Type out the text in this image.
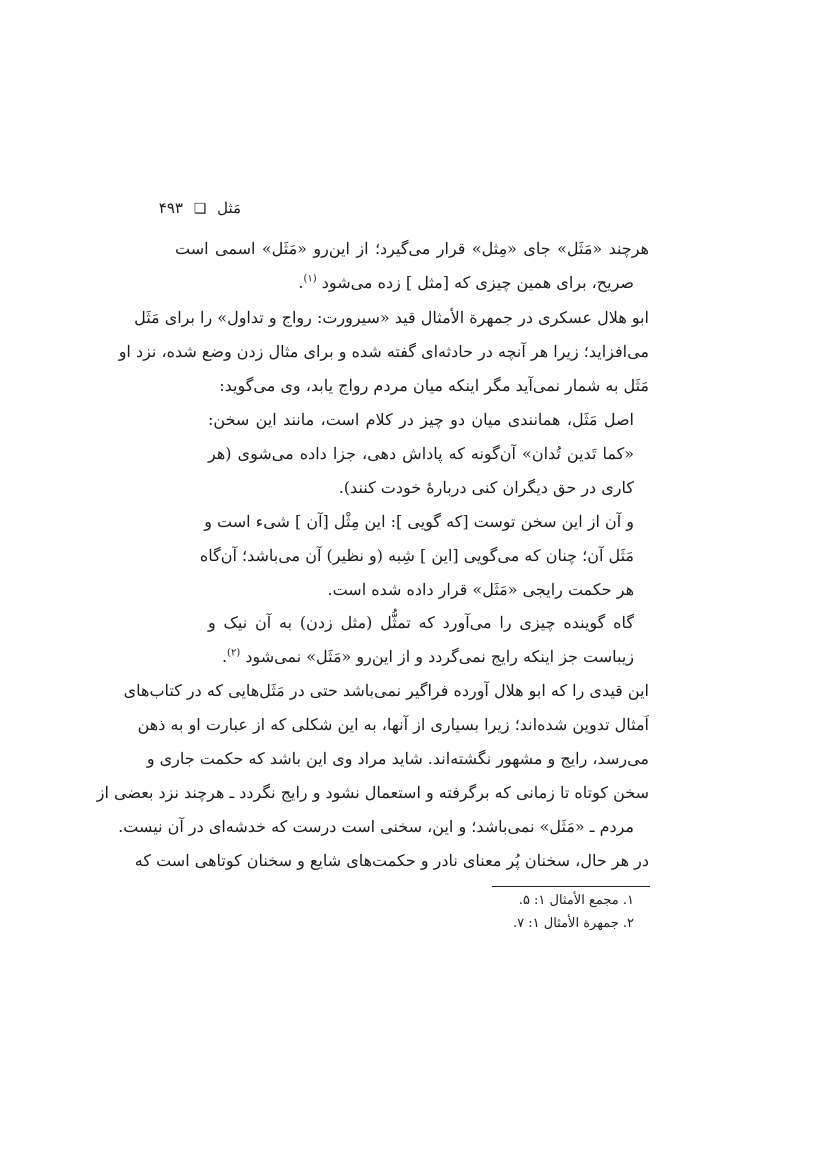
مَثل ❑ ۴۹۳
هرچند «مَثَل» جای «مِثل» قرار می‌گیرد؛ از این‌رو «مَثَل» اسمی است
صریح، برای همین چیزی که [مثل ] زده می‌شود $^{(۱)}$.
ابو هلال عسکری در جمهرة الأمثال قید «سیرورت: رواج و تداول» را برای مَثَل
می‌افزاید؛ زیرا هر آنچه در حادثه‌ای گفته شده و برای مثال زدن وضع شده، نزد او
مَثَل به شمار نمی‌آید مگر اینکه میان مردم رواج یابد، وی می‌گوید:
اصل مَثَل، همانندی میان دو چیز در کلام است، مانند این سخن:
«کما تَدین تُدان» آن‌گونه که پاداش دهی، جزا داده می‌شوی (هر
کاری در حق دیگران کنی دربارهٔ خودت کنند).
و آن از این سخن توست [که گویی ]: این مِثْل [آن ] شیء است و
مَثَل آن؛ چنان که می‌گویی [این ] شِبه (و نظیر) آن می‌باشد؛ آن‌گاه
هر حکمت رایجی «مَثَل» قرار داده شده است.
گاه گوینده چیزی را می‌آورد که تمثُّل (مثل زدن) به آن نیک و
زیباست جز اینکه رایج نمی‌گردد و از این‌رو «مَثَل» نمی‌شود $^{(۲)}$.
این قیدی را که ابو هلال آورده فراگیر نمی‌باشد حتی در مَثَل‌هایی که در کتاب‌های
اَمثال تدوین شده‌اند؛ زیرا بسیاری از آنها، به این شکلی که از عبارت او به ذهن
می‌رسد، رایج و مشهور نگشته‌اند. شاید مراد وی این باشد که حکمت جاری و
سخن کوتاه تا زمانی که برگرفته و استعمال نشود و رایج نگردد ـ هرچند نزد بعضی از
مردم ـ «مَثَل» نمی‌باشد؛ و این، سخنی است درست که خدشه‌ای در آن نیست.
در هر حال، سخنان پُر معنای نادر و حکمت‌های شایع و سخنان کوتاهی است که
۱. مجمع الأمثال ۱: ۵.
۲. جمهرة الأمثال ۱: ۷.
